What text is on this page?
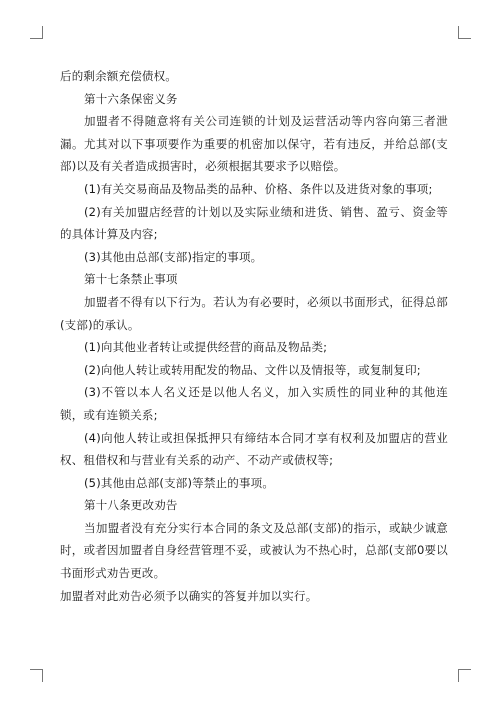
后的剩余额充偿债权。

第十六条保密义务

加盟者不得随意将有关公司连锁的计划及运营活动等内容向第三者泄漏。尤其对以下事项要作为重要的机密加以保守，若有违反，并给总部(支部)以及有关者造成损害时，必须根据其要求予以赔偿。

(1)有关交易商品及物品类的品种、价格、条件以及进货对象的事项;

(2)有关加盟店经营的计划以及实际业绩和进货、销售、盈亏、资金等的具体计算及内容;

(3)其他由总部(支部)指定的事项。

第十七条禁止事项

加盟者不得有以下行为。若认为有必要时，必须以书面形式，征得总部(支部)的承认。

(1)向其他业者转让或提供经营的商品及物品类;

(2)向他人转让或转用配发的物品、文件以及情报等，或复制复印;

(3)不管以本人名义还是以他人名义，加入实质性的同业种的其他连锁，或有连锁关系;

(4)向他人转让或担保抵押只有缔结本合同才享有权利及加盟店的营业权、租借权和与营业有关系的动产、不动产或债权等;

(5)其他由总部(支部)等禁止的事项。

第十八条更改劝告

当加盟者没有充分实行本合同的条文及总部(支部)的指示，或缺少诚意时，或者因加盟者自身经营管理不妥，或被认为不热心时，总部(支部0要以书面形式劝告更改。

加盟者对此劝告必须予以确实的答复并加以实行。
